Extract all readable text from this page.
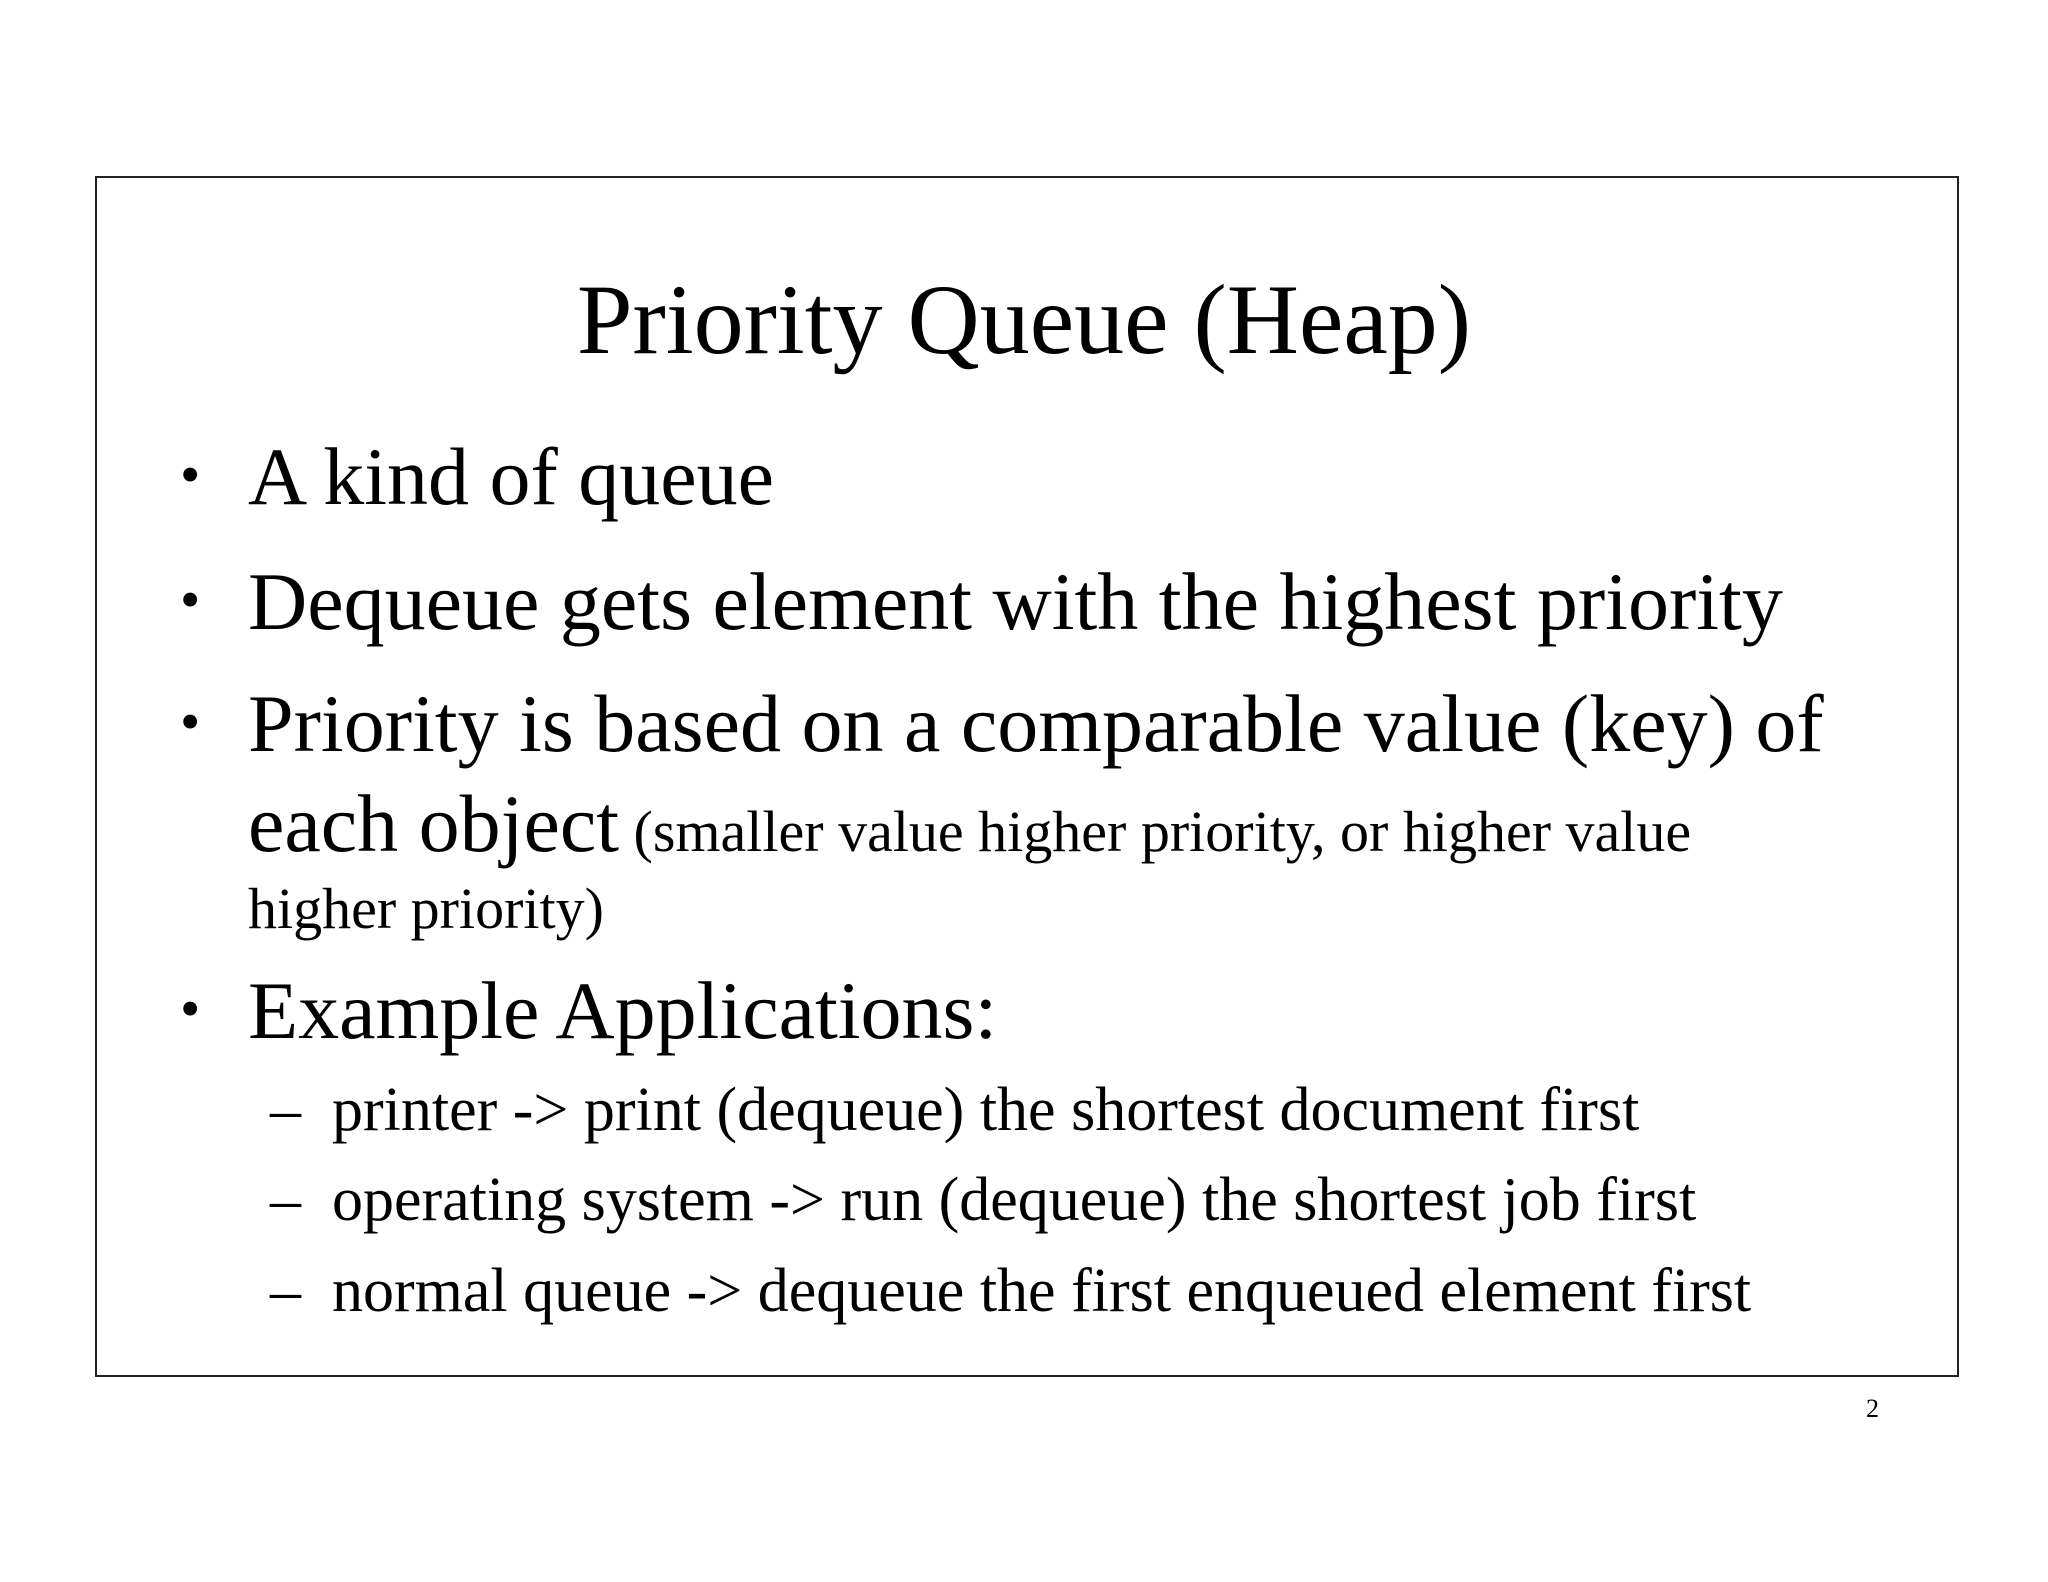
Priority Queue (Heap)
• A kind of queue
• Dequeue gets element with the highest priority
• Priority is based on a comparable value (key) of
each object (smaller value higher priority, or higher value
higher priority)
• Example Applications:
– printer -> print (dequeue) the shortest document first
– operating system -> run (dequeue) the shortest job first
– normal queue -> dequeue the first enqueued element first
2
